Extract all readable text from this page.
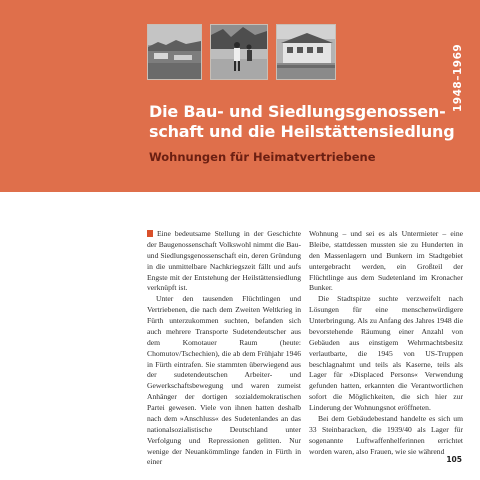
Die Bau- und Siedlungsgenossen-
schaft und die Heilstättensiedlung
Wohnungen für Heimatvertriebene
1948–1969

Eine bedeutsame Stellung in der Geschichte der Baugenossenschaft Volkswohl nimmt die Bau- und Siedlungsgenossenschaft ein, deren Gründung in die unmittelbare Nachkriegszeit fällt und aufs Engste mit der Entstehung der Heilstättensiedlung verknüpft ist.

Unter den tausenden Flüchtlingen und Vertriebenen, die nach dem Zweiten Weltkrieg in Fürth unterzukommen suchten, befanden sich auch mehrere Transporte Sudetendeutscher aus dem Komotauer Raum (heute: Chomutov/Tschechien), die ab dem Frühjahr 1946 in Fürth eintrafen. Sie stammten überwiegend aus der sudetendeutschen Arbeiter- und Gewerkschaftsbewegung und waren zumeist Anhänger der dortigen sozialdemokratischen Partei gewesen. Viele von ihnen hatten deshalb nach dem »Anschluss« des Sudetenlandes an das nationalsozialistische Deutschland unter Verfolgung und Repressionen gelitten. Nur wenige der Neuankömmlinge fanden in Fürth in einer

Wohnung – und sei es als Untermieter – eine Bleibe, stattdessen mussten sie zu Hunderten in den Massenlagern und Bunkern im Stadtgebiet untergebracht werden, ein Großteil der Flüchtlinge aus dem Sudetenland im Kronacher Bunker.

Die Stadtspitze suchte verzweifelt nach Lösungen für eine menschenwürdigere Unterbringung. Als zu Anfang des Jahres 1948 die bevorstehende Räumung einer Anzahl von Gebäuden aus einstigem Wehrmachtsbesitz verlautbarte, die 1945 von US-Truppen beschlagnahmt und teils als Kaserne, teils als Lager für »Displaced Persons« Verwendung gefunden hatten, erkannten die Verantwortlichen sofort die Möglichkeiten, die sich hier zur Linderung der Wohnungsnot eröffneten.

Bei dem Gebäudebestand handelte es sich um 33 Steinbaracken, die 1939/40 als Lager für sogenannte Luftwaffenhelferinnen errichtet worden waren, also Frauen, wie sie während

105
